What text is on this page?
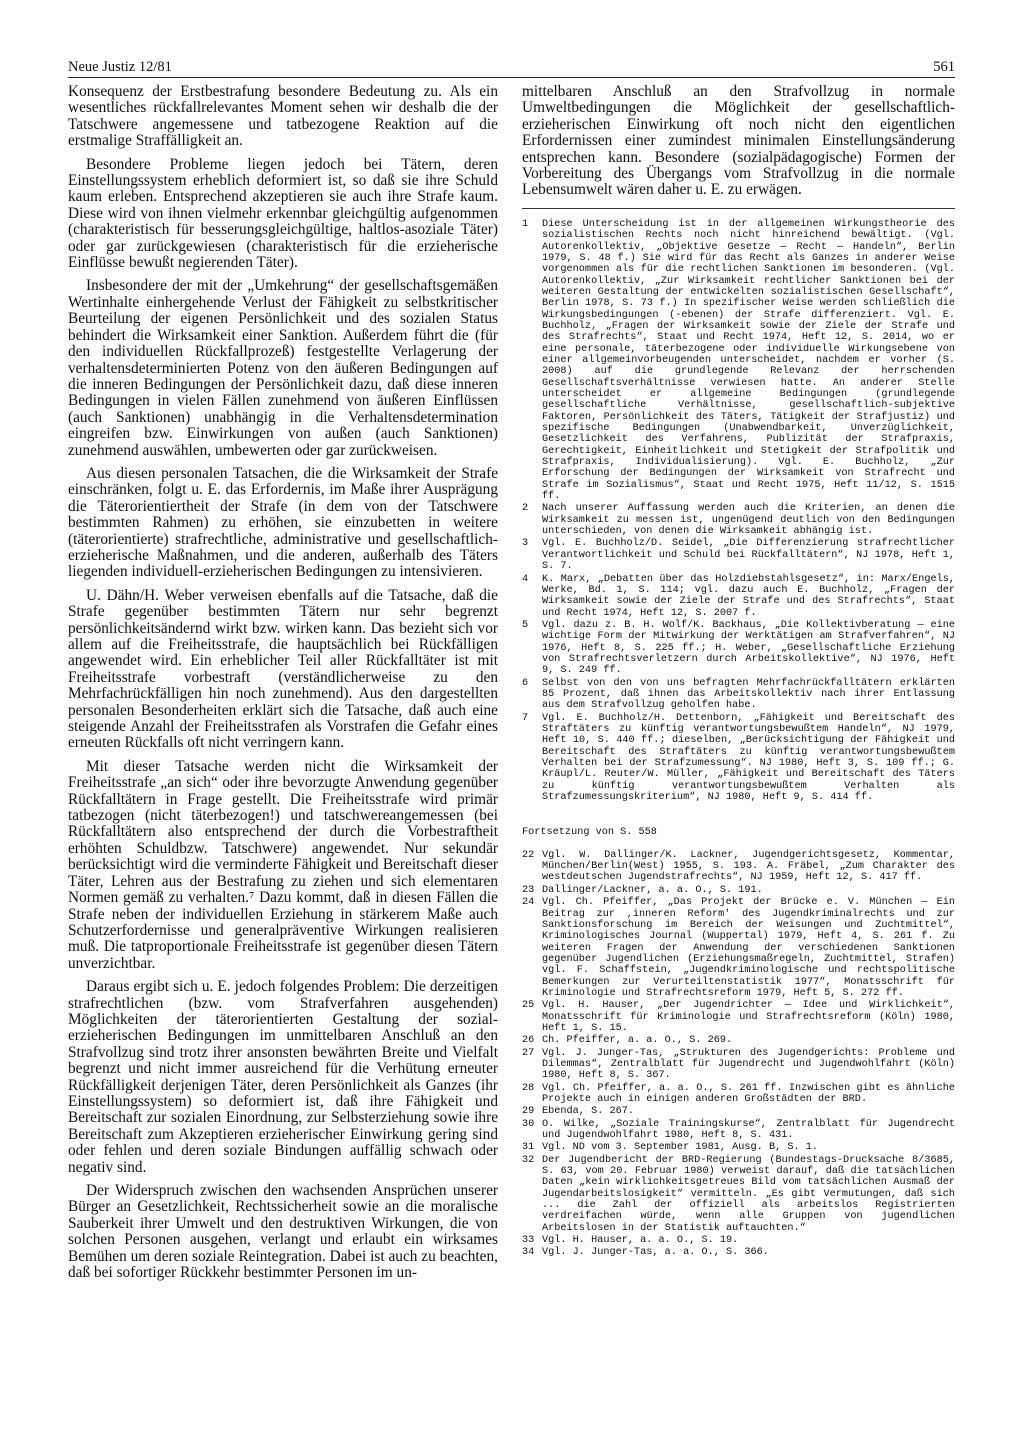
Neue Justiz 12/81	561

Konsequenz der Erstbestrafung besondere Bedeutung zu. Als ein wesentliches rückfallrelevantes Moment sehen wir deshalb die der Tatschwere angemessene und tatbezogene Reaktion auf die erstmalige Straffälligkeit an.

Besondere Probleme liegen jedoch bei Tätern, deren Einstellungssystem erheblich deformiert ist, so daß sie ihre Schuld kaum erleben. Entsprechend akzeptieren sie auch ihre Strafe kaum. Diese wird von ihnen vielmehr erkennbar gleichgültig aufgenommen (charakteristisch für besserungsgleichgültige, haltlos-asoziale Täter) oder gar zurückgewiesen (charakteristisch für die erzieherische Einflüsse bewußt negierenden Täter).

Insbesondere der mit der „Umkehrung“ der gesellschaftsgemäßen Wertinhalte einhergehende Verlust der Fähigkeit zu selbstkritischer Beurteilung der eigenen Persönlichkeit und des sozialen Status behindert die Wirksamkeit einer Sanktion. Außerdem führt die (für den individuellen Rückfallprozeß) festgestellte Verlagerung der verhaltensdeterminierten Potenz von den äußeren Bedingungen auf die inneren Bedingungen der Persönlichkeit dazu, daß diese inneren Bedingungen in vielen Fällen zunehmend von äußeren Einflüssen (auch Sanktionen) unabhängig in die Verhaltensdetermination eingreifen bzw. Einwirkungen von außen (auch Sanktionen) zunehmend auswählen, umbewerten oder gar zurückweisen.

Aus diesen personalen Tatsachen, die die Wirksamkeit der Strafe einschränken, folgt u. E. das Erfordernis, im Maße ihrer Ausprägung die Täterorientiertheit der Strafe (in dem von der Tatschwere bestimmten Rahmen) zu erhöhen, sie einzubetten in weitere (täterorientierte) strafrechtliche, administrative und gesellschaftlich-erzieherische Maßnahmen, und die anderen, außerhalb des Täters liegenden individuell-erzieherischen Bedingungen zu intensivieren.

U. Dähn/H. Weber verweisen ebenfalls auf die Tatsache, daß die Strafe gegenüber bestimmten Tätern nur sehr begrenzt persönlichkeitsändernd wirkt bzw. wirken kann. Das bezieht sich vor allem auf die Freiheitsstrafe, die hauptsächlich bei Rückfälligen angewendet wird. Ein erheblicher Teil aller Rückfalltäter ist mit Freiheitsstrafe vorbestraft (verständlicherweise zu den Mehrfachrückfälligen hin noch zunehmend). Aus den dargestellten personalen Besonderheiten erklärt sich die Tatsache, daß auch eine steigende Anzahl der Freiheitsstrafen als Vorstrafen die Gefahr eines erneuten Rückfalls oft nicht verringern kann.

Mit dieser Tatsache werden nicht die Wirksamkeit der Freiheitsstrafe „an sich“ oder ihre bevorzugte Anwendung gegenüber Rückfalltätern in Frage gestellt. Die Freiheitsstrafe wird primär tatbezogen (nicht täterbezogen!) und tatschwereangemessen (bei Rückfalltätern also entsprechend der durch die Vorbestraftheit erhöhten Schuldbzw. Tatschwere) angewendet. Nur sekundär berücksichtigt wird die verminderte Fähigkeit und Bereitschaft dieser Täter, Lehren aus der Bestrafung zu ziehen und sich elementaren Normen gemäß zu verhalten.⁷ Dazu kommt, daß in diesen Fällen die Strafe neben der individuellen Erziehung in stärkerem Maße auch Schutzerfordernisse und generalpräventive Wirkungen realisieren muß. Die tatproportionale Freiheitsstrafe ist gegenüber diesen Tätern unverzichtbar.

Daraus ergibt sich u. E. jedoch folgendes Problem: Die derzeitigen strafrechtlichen (bzw. vom Strafverfahren ausgehenden) Möglichkeiten der täterorientierten Gestaltung der sozial-erzieherischen Bedingungen im unmittelbaren Anschluß an den Strafvollzug sind trotz ihrer ansonsten bewährten Breite und Vielfalt begrenzt und nicht immer ausreichend für die Verhütung erneuter Rückfälligkeit derjenigen Täter, deren Persönlichkeit als Ganzes (ihr Einstellungssystem) so deformiert ist, daß ihre Fähigkeit und Bereitschaft zur sozialen Einordnung, zur Selbsterziehung sowie ihre Bereitschaft zum Akzeptieren erzieherischer Einwirkung gering sind oder fehlen und deren soziale Bindungen auffällig schwach oder negativ sind.

Der Widerspruch zwischen den wachsenden Ansprüchen unserer Bürger an Gesetzlichkeit, Rechtssicherheit sowie an die moralische Sauberkeit ihrer Umwelt und den destruktiven Wirkungen, die von solchen Personen ausgehen, verlangt und erlaubt ein wirksames Bemühen um deren soziale Reintegration. Dabei ist auch zu beachten, daß bei sofortiger Rückkehr bestimmter Personen im un-

mittelbaren Anschluß an den Strafvollzug in normale Umweltbedingungen die Möglichkeit der gesellschaftlich-erzieherischen Einwirkung oft noch nicht den eigentlichen Erfordernissen einer zumindest minimalen Einstellungsänderung entsprechen kann. Besondere (sozialpädagogische) Formen der Vorbereitung des Übergangs vom Strafvollzug in die normale Lebensumwelt wären daher u. E. zu erwägen.

1	Diese Unterscheidung ist in der allgemeinen Wirkungstheorie des sozialistischen Rechts noch nicht hinreichend bewältigt. (Vgl. Autorenkollektiv, „Objektive Gesetze — Recht — Handeln“, Berlin 1979, S. 48 f.) Sie wird für das Recht als Ganzes in anderer Weise vorgenommen als für die rechtlichen Sanktionen im besonderen. (Vgl. Autorenkollektiv, „Zur Wirksamkeit rechtlicher Sanktionen bei der weiteren Gestaltung der entwickelten sozialistischen Gesellschaft“, Berlin 1978, S. 73 f.) In spezifischer Weise werden schließlich die Wirkungsbedingungen (-ebenen) der Strafe differenziert. Vgl. E. Buchholz, „Fragen der Wirksamkeit sowie der Ziele der Strafe und des Strafrechts“, Staat und Recht 1974, Heft 12, S. 2014, wo er eine personale, täterbezogene oder individuelle Wirkungsebene von einer allgemeinvorbeugenden unterscheidet, nachdem er vorher (S. 2008) auf die grundlegende Relevanz der herrschenden Gesellschaftsverhältnisse verwiesen hatte. An anderer Stelle unterscheidet er allgemeine Bedingungen (grundlegende gesellschaftliche Verhältnisse, gesellschaftlich-subjektive Faktoren, Persönlichkeit des Täters, Tätigkeit der Strafjustiz) und spezifische Bedingungen (Unabwendbarkeit, Unverzüglichkeit, Gesetzlichkeit des Verfahrens, Publizität der Strafpraxis, Gerechtigkeit, Einheitlichkeit und Stetigkeit der Strafpolitik und Strafpraxis, Individualisierung). Vgl. E. Buchholz, „Zur Erforschung der Bedingungen der Wirksamkeit von Strafrecht und Strafe im Sozialismus“, Staat und Recht 1975, Heft 11/12, S. 1515 ff.
2	Nach unserer Auffassung werden auch die Kriterien, an denen die Wirksamkeit zu messen ist, ungenügend deutlich von den Bedingungen unterschieden, von denen die Wirksamkeit abhängig ist.
3	Vgl. E. Buchholz/D. Seidel, „Die Differenzierung strafrechtlicher Verantwortlichkeit und Schuld bei Rückfalltätern“, NJ 1978, Heft 1, S. 7.
4	K. Marx, „Debatten über das Holzdiebstahlsgesetz“, in: Marx/Engels, Werke, Bd. 1, S. 114; vgl. dazu auch E. Buchholz, „Fragen der Wirksamkeit sowie der Ziele der Strafe und des Strafrechts“, Staat und Recht 1974, Heft 12, S. 2007 f.
5	Vgl. dazu z. B. H. Wolf/K. Backhaus, „Die Kollektivberatung — eine wichtige Form der Mitwirkung der Werktätigen am Strafverfahren“, NJ 1976, Heft 8, S. 225 ff.; H. Weber, „Gesellschaftliche Erziehung von Strafrechtsverletzern durch Arbeitskollektive“, NJ 1976, Heft 9, S. 249 ff.
6	Selbst von den von uns befragten Mehrfachrückfalltätern erklärten 85 Prozent, daß ihnen das Arbeitskollektiv nach ihrer Entlassung aus dem Strafvollzug geholfen habe.
7	Vgl. E. Buchholz/H. Dettenborn, „Fähigkeit und Bereitschaft des Straftäters zu künftig verantwortungsbewußtem Handeln“, NJ 1979, Heft 10, S. 440 ff.; dieselben, „Berücksichtigung der Fähigkeit und Bereitschaft des Straftäters zu künftig verantwortungsbewußtem Verhalten bei der Strafzumessung“. NJ 1980, Heft 3, S. 109 ff.; G. Kräupl/L. Reuter/W. Müller, „Fähigkeit und Bereitschaft des Täters zu künftig verantwortungsbewußtem Verhalten als Strafzumessungskriterium“, NJ 1980, Heft 9, S. 414 ff.
Fortsetzung von S. 558
22 Vgl. W. Dallinger/K. Lackner, Jugendgerichtsgesetz, Kommentar, München/Berlin(West) 1955, S. 193. A. Fräbel, „Zum Charakter des westdeutschen Jugendstrafrechts“, NJ 1959, Heft 12, S. 417 ff.
23 Dallinger/Lackner, a. a. O., S. 191.
24 Vgl. Ch. Pfeiffer, „Das Projekt der Brücke e. V. München — Ein Beitrag zur ,inneren Reform' des Jugendkriminalrechts und zur Sanktionsforschung im Bereich der Weisungen und Zuchtmittel“, Kriminologisches Journal (Wuppertal) 1979, Heft 4, S. 261 f. Zu weiteren Fragen der Anwendung der verschiedenen Sanktionen gegenüber Jugendlichen (Erziehungsmaßregeln, Zuchtmittel, Strafen) vgl. F. Schaffstein, „Jugendkriminologische und rechtspolitische Bemerkungen zur Verurteiltenstatistik 1977“, Monatsschrift für Kriminologie und Strafrechtsreform 1979, Heft 5, S. 272 ff.
25 Vgl. H. Hauser, „Der Jugendrichter — Idee und Wirklichkeit“, Monatsschrift für Kriminologie und Strafrechtsreform (Köln) 1980, Heft 1, S. 15.
26 Ch. Pfeiffer, a. a. O., S. 269.
27 Vgl. J. Junger-Tas, „Strukturen des Jugendgerichts: Probleme und Dilemmas“, Zentralblatt für Jugendrecht und Jugendwohlfahrt (Köln) 1980, Heft 8, S. 367.
28 Vgl. Ch. Pfeiffer, a. a. O., S. 261 ff. Inzwischen gibt es ähnliche Projekte auch in einigen anderen Großstädten der BRD.
29 Ebenda, S. 267.
30 O. Wilke, „Soziale Trainingskurse“, Zentralblatt für Jugendrecht und Jugendwohlfahrt 1980, Heft 8, S. 431.
31 Vgl. ND vom 3. September 1981, Ausg. B, S. 1.
32 Der Jugendbericht der BRD-Regierung (Bundestags-Drucksache 8/3685, S. 63, vom 20. Februar 1980) verweist darauf, daß die tatsächlichen Daten „kein wirklichkeitsgetreues Bild vom tatsächlichen Ausmaß der Jugendarbeitslosigkeit“ vermitteln. „Es gibt Vermutungen, daß sich ... die Zahl der offiziell als arbeitslos Registrierten verdreifachen würde, wenn alle Gruppen von jugendlichen Arbeitslosen in der Statistik auftauchten.“
33 Vgl. H. Hauser, a. a. O., S. 19.
34 Vgl. J. Junger-Tas, a. a. O., S. 366.
